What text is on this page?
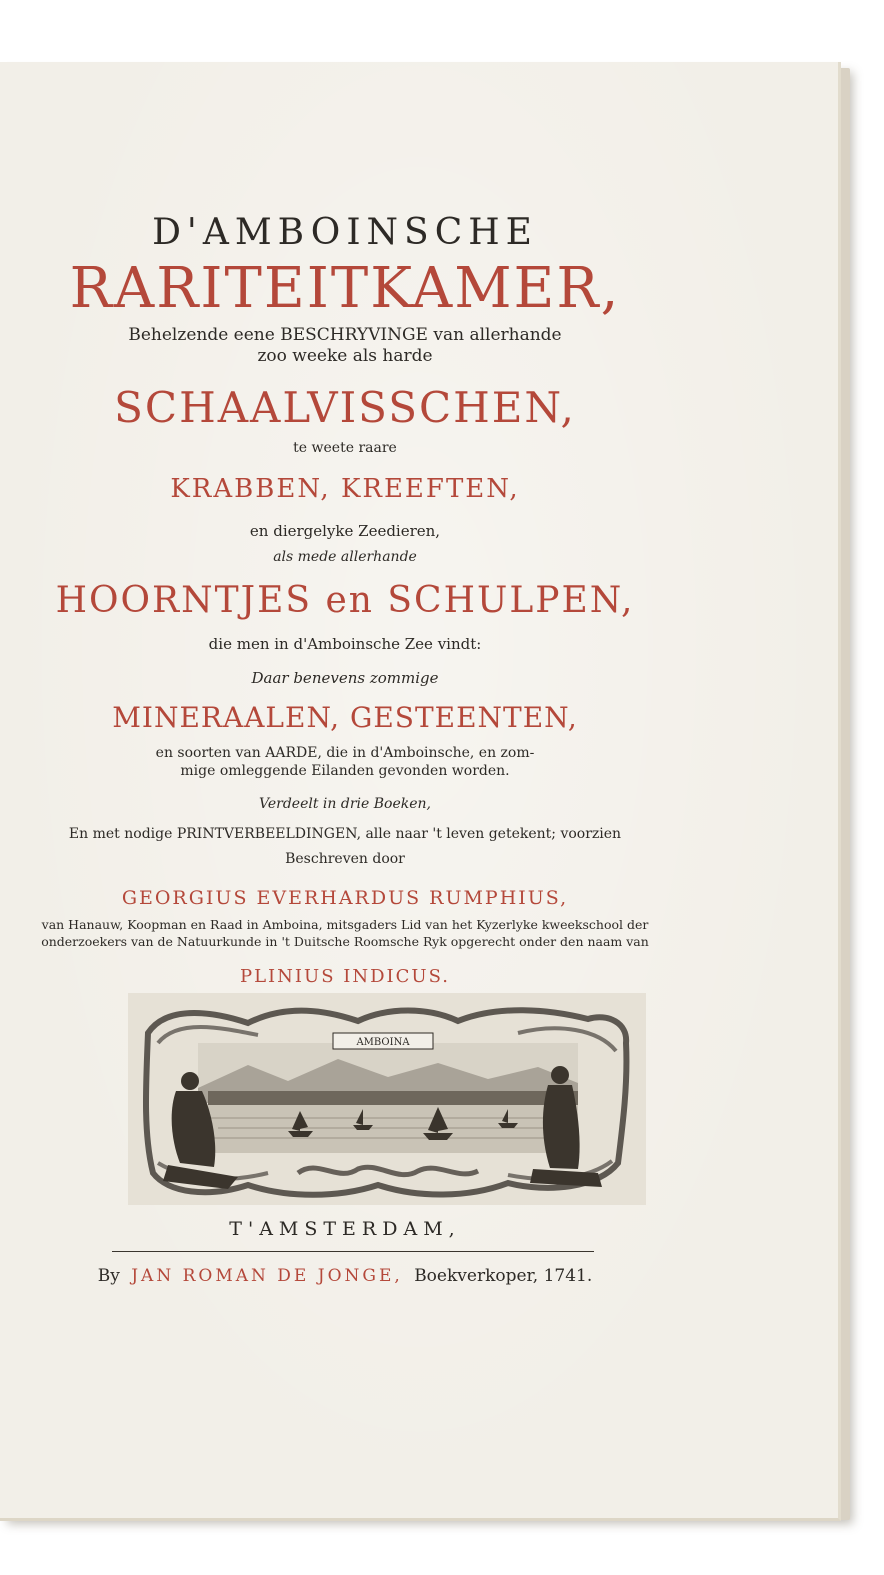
D'AMBOINSCHE
RARITEITKAMER,
Behelzende eene BESCHRYVINGE van allerhande
zoo weeke als harde
SCHAALVISSCHEN,
te weete raare
KRABBEN, KREEFTEN,
en diergelyke Zeedieren,
als mede allerhande
HOORNTJES en SCHULPEN,
die men in d'Amboinsche Zee vindt:
Daar benevens zommige
MINERAALEN, GESTEENTEN,
en soorten van AARDE, die in d'Amboinsche, en zom-
mige omleggende Eilanden gevonden worden.
Verdeelt in drie Boeken,
En met nodige PRINTVERBEELDINGEN, alle naar 't leven getekent; voorzien
Beschreven door
GEORGIUS EVERHARDUS RUMPHIUS,
van Hanauw, Koopman en Raad in Amboina, mitsgaders Lid van het Kyzerlyke kweekschool der
onderzoekers van de Natuurkunde in 't Duitsche Roomsche Ryk opgerecht onder den naam van
PLINIUS INDICUS.
AMBOINA
T'AMSTERDAM,
By JAN ROMAN DE JONGE, Boekverkoper, 1741.
